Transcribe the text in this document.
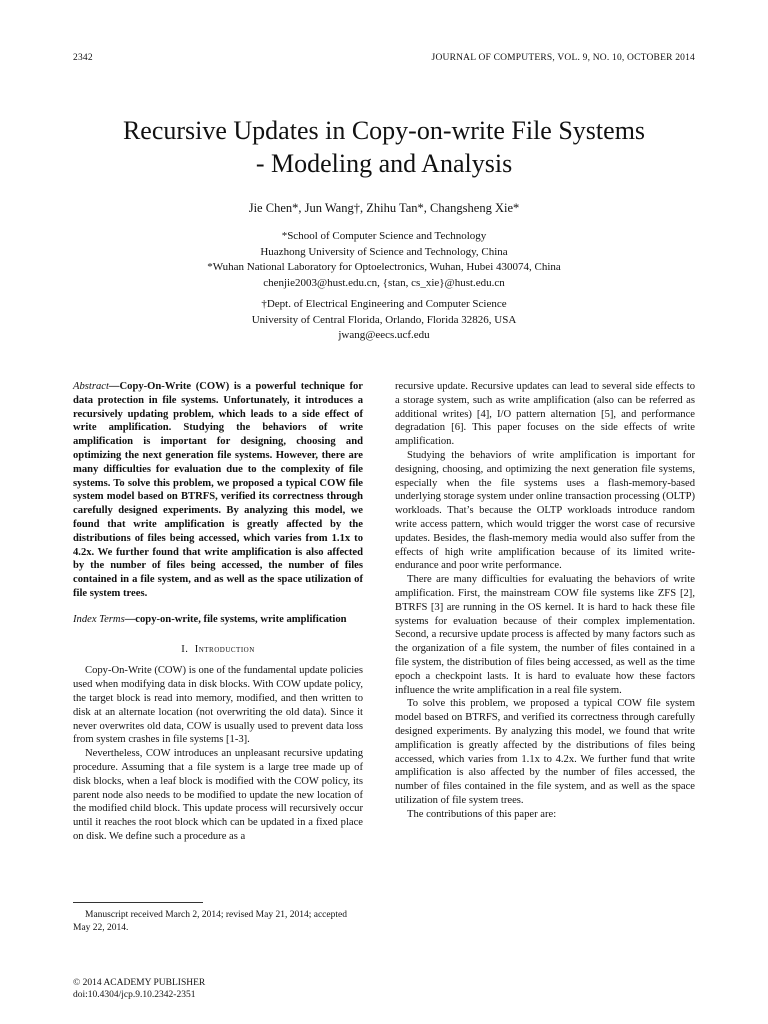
2342	JOURNAL OF COMPUTERS, VOL. 9, NO. 10, OCTOBER 2014
Recursive Updates in Copy-on-write File Systems
- Modeling and Analysis
Jie Chen*, Jun Wang†, Zhihu Tan*, Changsheng Xie*
*School of Computer Science and Technology
Huazhong University of Science and Technology, China
*Wuhan National Laboratory for Optoelectronics, Wuhan, Hubei 430074, China
chenjie2003@hust.edu.cn, {stan, cs_xie}@hust.edu.cn
†Dept. of Electrical Engineering and Computer Science
University of Central Florida, Orlando, Florida 32826, USA
jwang@eecs.ucf.edu

Abstract—Copy-On-Write (COW) is a powerful technique for data protection in file systems. Unfortunately, it introduces a recursively updating problem, which leads to a side effect of write amplification. Studying the behaviors of write amplification is important for designing, choosing and optimizing the next generation file systems. However, there are many difficulties for evaluation due to the complexity of file systems. To solve this problem, we proposed a typical COW file system model based on BTRFS, verified its correctness through carefully designed experiments. By analyzing this model, we found that write amplification is greatly affected by the distributions of files being accessed, which varies from 1.1x to 4.2x. We further found that write amplification is also affected by the number of files being accessed, the number of files contained in a file system, and as well as the space utilization of file system trees.

Index Terms—copy-on-write, file systems, write amplification

I. Introduction

Copy-On-Write (COW) is one of the fundamental update policies used when modifying data in disk blocks. With COW update policy, the target block is read into memory, modified, and then written to disk at an alternate location (not overwriting the old data). Since it never overwrites old data, COW is usually used to prevent data loss from system crashes in file systems [1-3].

Nevertheless, COW introduces an unpleasant recursive updating procedure. Assuming that a file system is a large tree made up of disk blocks, when a leaf block is modified with the COW policy, its parent node also needs to be modified to update the new location of the modified child block. This update process will recursively occur until it reaches the root block which can be updated in a fixed place on disk. We define such a procedure as a

recursive update. Recursive updates can lead to several side effects to a storage system, such as write amplification (also can be referred as additional writes) [4], I/O pattern alternation [5], and performance degradation [6]. This paper focuses on the side effects of write amplification.

Studying the behaviors of write amplification is important for designing, choosing, and optimizing the next generation file systems, especially when the file systems uses a flash-memory-based underlying storage system under online transaction processing (OLTP) workloads. That’s because the OLTP workloads introduce random write access pattern, which would trigger the worst case of recursive updates. Besides, the flash-memory media would also suffer from the effects of high write amplification because of its limited write-endurance and poor write performance.

There are many difficulties for evaluating the behaviors of write amplification. First, the mainstream COW file systems like ZFS [2], BTRFS [3] are running in the OS kernel. It is hard to hack these file systems for evaluation because of their complex implementation. Second, a recursive update process is affected by many factors such as the organization of a file system, the number of files contained in a file system, the distribution of files being accessed, as well as the time epoch a checkpoint lasts. It is hard to evaluate how these factors influence the write amplification in a real file system.

To solve this problem, we proposed a typical COW file system model based on BTRFS, and verified its correctness through carefully designed experiments. By analyzing this model, we found that write amplification is greatly affected by the distributions of files being accessed, which varies from 1.1x to 4.2x. We further fund that write amplification is also affected by the number of files accessed, the number of files contained in the file system, and as well as the space utilization of file system trees.

The contributions of this paper are:

Manuscript received March 2, 2014; revised May 21, 2014; accepted May 22, 2014.

© 2014 ACADEMY PUBLISHER
doi:10.4304/jcp.9.10.2342-2351
